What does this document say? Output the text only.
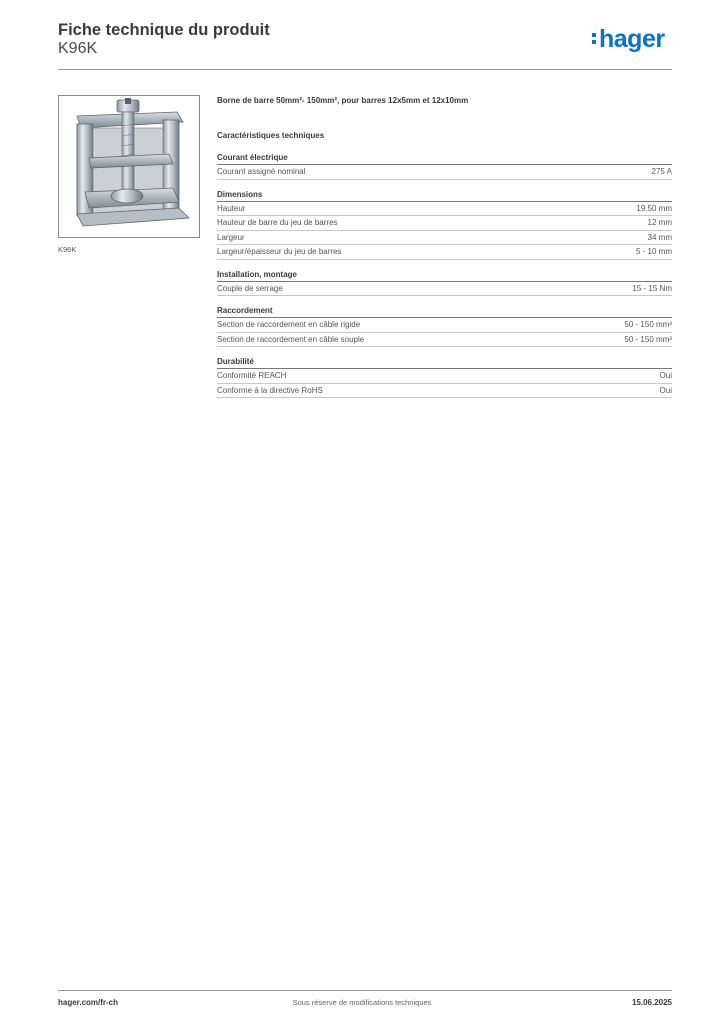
Fiche technique du produit
K96K	hager
K96K
Borne de barre 50mm²- 150mm², pour barres 12x5mm et 12x10mm
Caractéristiques techniques
Courant électrique
Courant assigné nominal	275 A
Dimensions
Hauteur	19.50 mm
Hauteur de barre du jeu de barres	12 mm
Largeur	34 mm
Largeur/épaisseur du jeu de barres	5 - 10 mm
Installation, montage
Couple de serrage	15 - 15 Nm
Raccordement
Section de raccordement en câble rigide	50 - 150 mm²
Section de raccordement en câble souple	50 - 150 mm²
Durabilité
Conformité REACH	Oui
Conforme à la directive RoHS	Oui
hager.com/fr-ch	Sous réserve de modifications techniques	15.06.2025
